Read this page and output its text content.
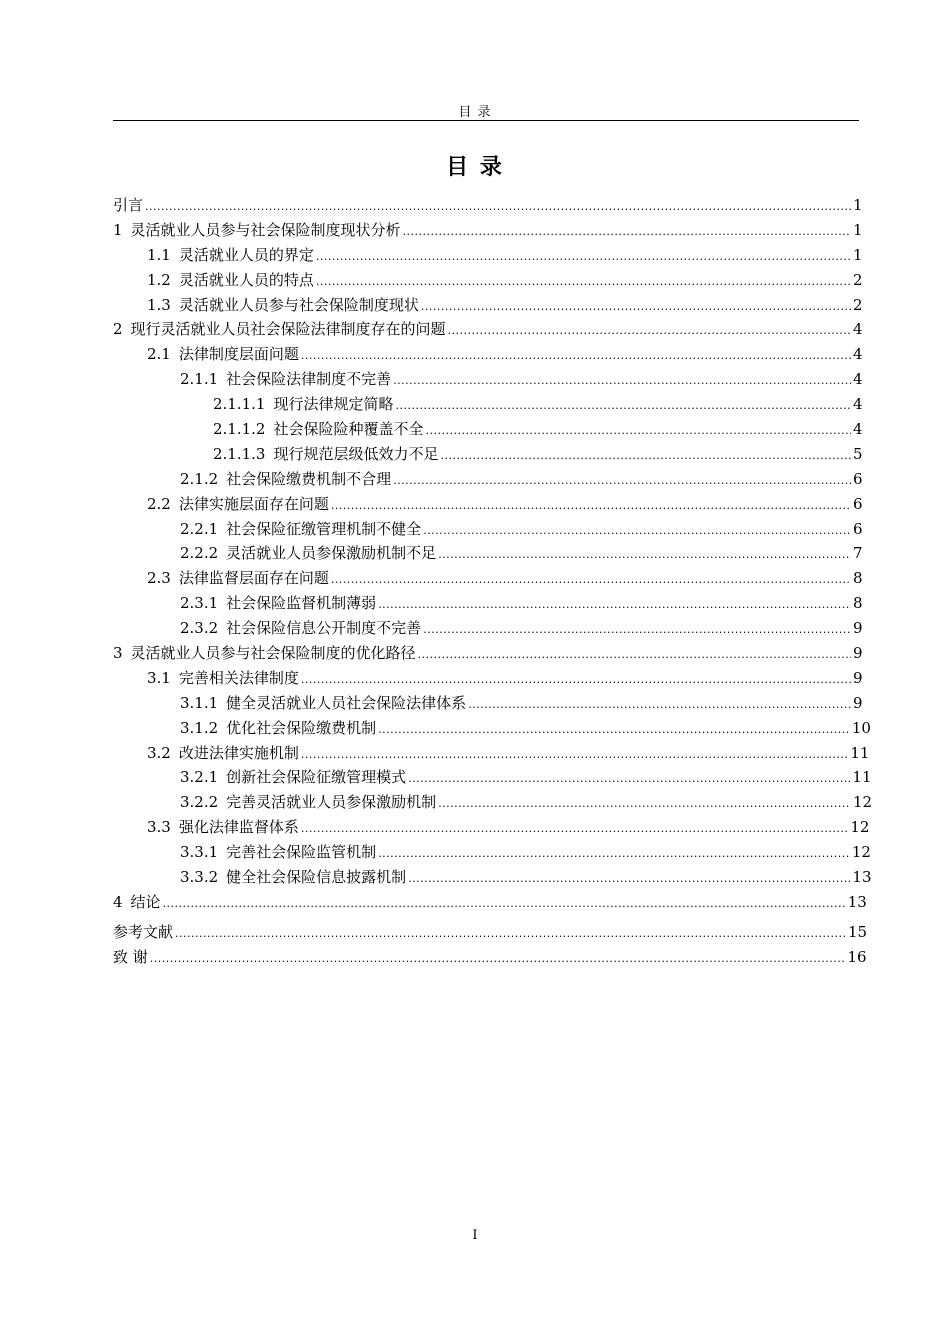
目 录
目 录
引言 .....	1
1 灵活就业人员参与社会保险制度现状分析 .....	1
1.1 灵活就业人员的界定 .....	1
1.2 灵活就业人员的特点 .....	2
1.3 灵活就业人员参与社会保险制度现状 .....	2
2 现行灵活就业人员社会保险法律制度存在的问题 .....	4
2.1 法律制度层面问题 .....	4
2.1.1 社会保险法律制度不完善 .....	4
2.1.1.1 现行法律规定简略 .....	4
2.1.1.2 社会保险险种覆盖不全 .....	4
2.1.1.3 现行规范层级低效力不足 .....	5
2.1.2 社会保险缴费机制不合理 .....	6
2.2 法律实施层面存在问题 .....	6
2.2.1 社会保险征缴管理机制不健全 .....	6
2.2.2 灵活就业人员参保激励机制不足 .....	7
2.3 法律监督层面存在问题 .....	8
2.3.1 社会保险监督机制薄弱 .....	8
2.3.2 社会保险信息公开制度不完善 .....	9
3 灵活就业人员参与社会保险制度的优化路径 .....	9
3.1 完善相关法律制度 .....	9
3.1.1 健全灵活就业人员社会保险法律体系 .....	9
3.1.2 优化社会保险缴费机制 .....	10
3.2 改进法律实施机制 .....	11
3.2.1 创新社会保险征缴管理模式 .....	11
3.2.2 完善灵活就业人员参保激励机制 .....	12
3.3 强化法律监督体系 .....	12
3.3.1 完善社会保险监管机制 .....	12
3.3.2 健全社会保险信息披露机制 .....	13
4 结论 .....	13
参考文献 .....	15
致 谢 .....	16
I
